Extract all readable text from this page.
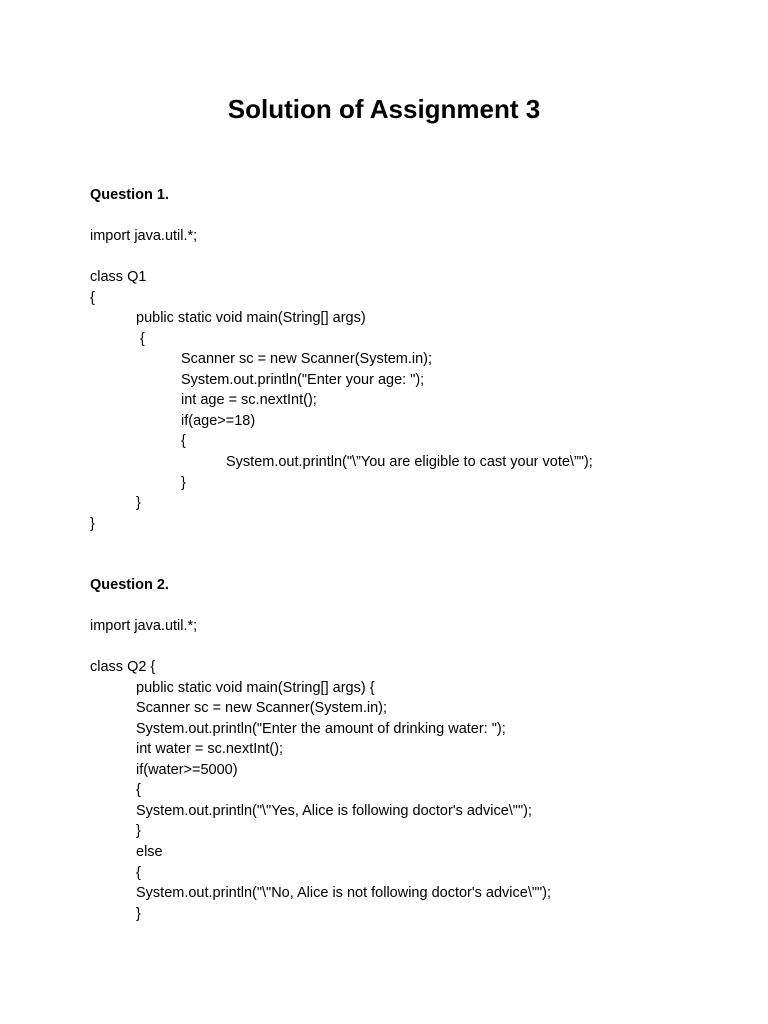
Solution of Assignment 3
Question 1.
import java.util.*;
class Q1
{
public static void main(String[] args)
{
Scanner sc = new Scanner(System.in);
System.out.println("Enter your age: ");
int age = sc.nextInt();
if(age>=18)
{
System.out.println("\”You are eligible to cast your vote\”");
}
}
}
Question 2.
import java.util.*;
class Q2 {
public static void main(String[] args) {
Scanner sc = new Scanner(System.in);
System.out.println("Enter the amount of drinking water: ");
int water = sc.nextInt();
if(water>=5000)
{
System.out.println("\"Yes, Alice is following doctor's advice\"");
}
else
{
System.out.println("\"No, Alice is not following doctor's advice\"");
}
